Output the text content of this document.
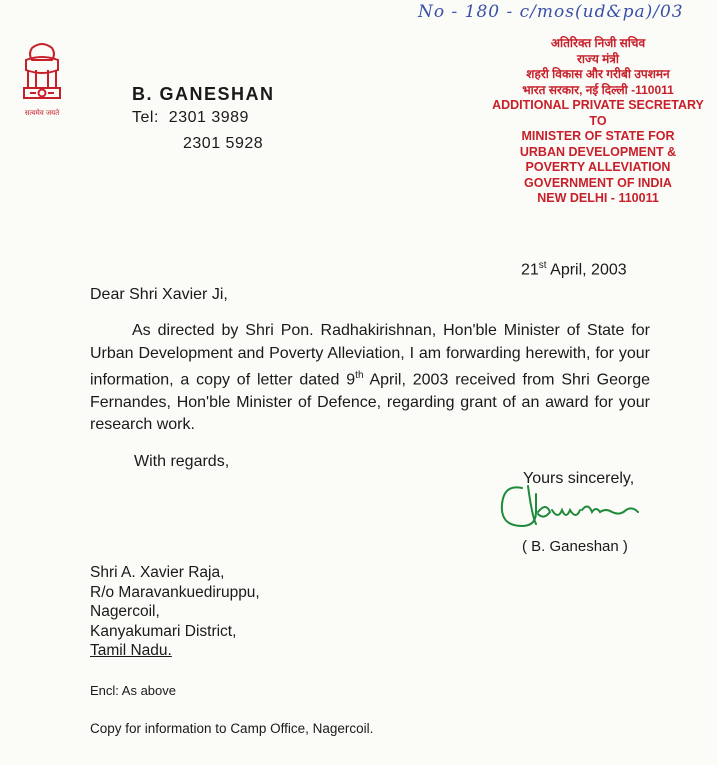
No - 180 - c/mos(ud&pa)/03
सत्यमेव जयते
B. GANESHAN
Tel: 2301 3989
2301 5928
अतिरिक्त निजी सचिव
राज्य मंत्री
शहरी विकास और गरीबी उपशमन
भारत सरकार, नई दिल्ली -110011
ADDITIONAL PRIVATE SECRETARY
TO
MINISTER OF STATE FOR
URBAN DEVELOPMENT &
POVERTY ALLEVIATION
GOVERNMENT OF INDIA
NEW DELHI - 110011
21st April, 2003
Dear Shri Xavier Ji,
As directed by Shri Pon. Radhakirishnan, Hon'ble Minister of State for Urban Development and Poverty Alleviation, I am forwarding herewith, for your information, a copy of letter dated 9th April, 2003 received from Shri George Fernandes, Hon'ble Minister of Defence, regarding grant of an award for your research work.
With regards,
Yours sincerely,
( B. Ganeshan )
Shri A. Xavier Raja,
R/o Maravankuediruppu,
Nagercoil,
Kanyakumari District,
Tamil Nadu.
Encl: As above
Copy for information to Camp Office, Nagercoil.
